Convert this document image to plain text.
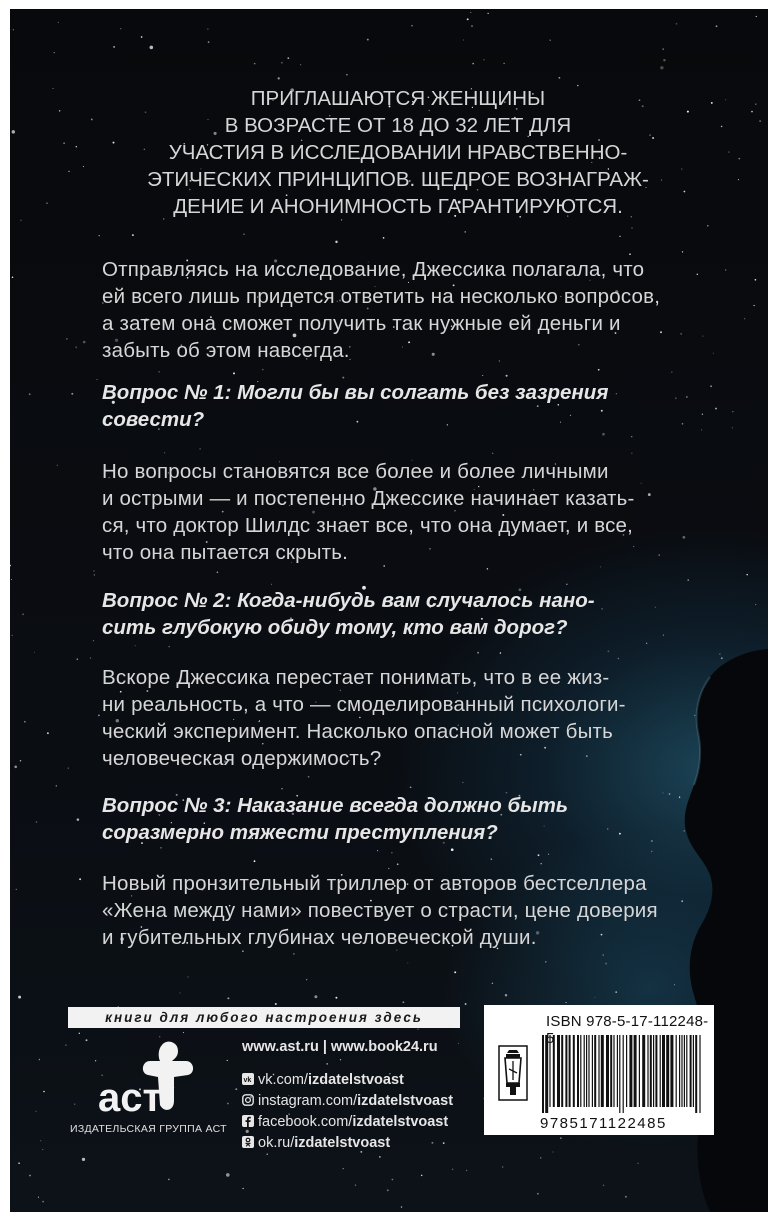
ПРИГЛАШАЮТСЯ ЖЕНЩИНЫ
В ВОЗРАСТЕ ОТ 18 ДО 32 ЛЕТ ДЛЯ
УЧАСТИЯ В ИССЛЕДОВАНИИ НРАВСТВЕННО-
ЭТИЧЕСКИХ ПРИНЦИПОВ. ЩЕДРОЕ ВОЗНАГРАЖ-
ДЕНИЕ И АНОНИМНОСТЬ ГАРАНТИРУЮТСЯ.
Отправляясь на исследование, Джессика полагала, что
ей всего лишь придется ответить на несколько вопросов,
а затем она сможет получить так нужные ей деньги и
забыть об этом навсегда.
Вопрос № 1: Могли бы вы солгать без зазрения
совести?
Но вопросы становятся все более и более личными
и острыми — и постепенно Джессике начинает казать-
ся, что доктор Шилдс знает все, что она думает, и все,
что она пытается скрыть.
Вопрос № 2: Когда-нибудь вам случалось нано-
сить глубокую обиду тому, кто вам дорог?
Вскоре Джессика перестает понимать, что в ее жиз-
ни реальность, а что — смоделированный психологи-
ческий эксперимент. Насколько опасной может быть
человеческая одержимость?
Вопрос № 3: Наказание всегда должно быть
соразмерно тяжести преступления?
Новый пронзительный триллер от авторов бестселлера
«Жена между нами» повествует о страсти, цене доверия
и губительных глубинах человеческой души.
книги для любого настроения здесь
аст
ИЗДАТЕЛЬСКАЯ ГРУППА АСТ
www.ast.ru | www.book24.ru
vk vk.com/izdatelstvoast
instagram.com/izdatelstvoast
facebook.com/izdatelstvoast
ok.ru/izdatelstvoast
ISBN 978-5-17-112248-5
9785171122485
